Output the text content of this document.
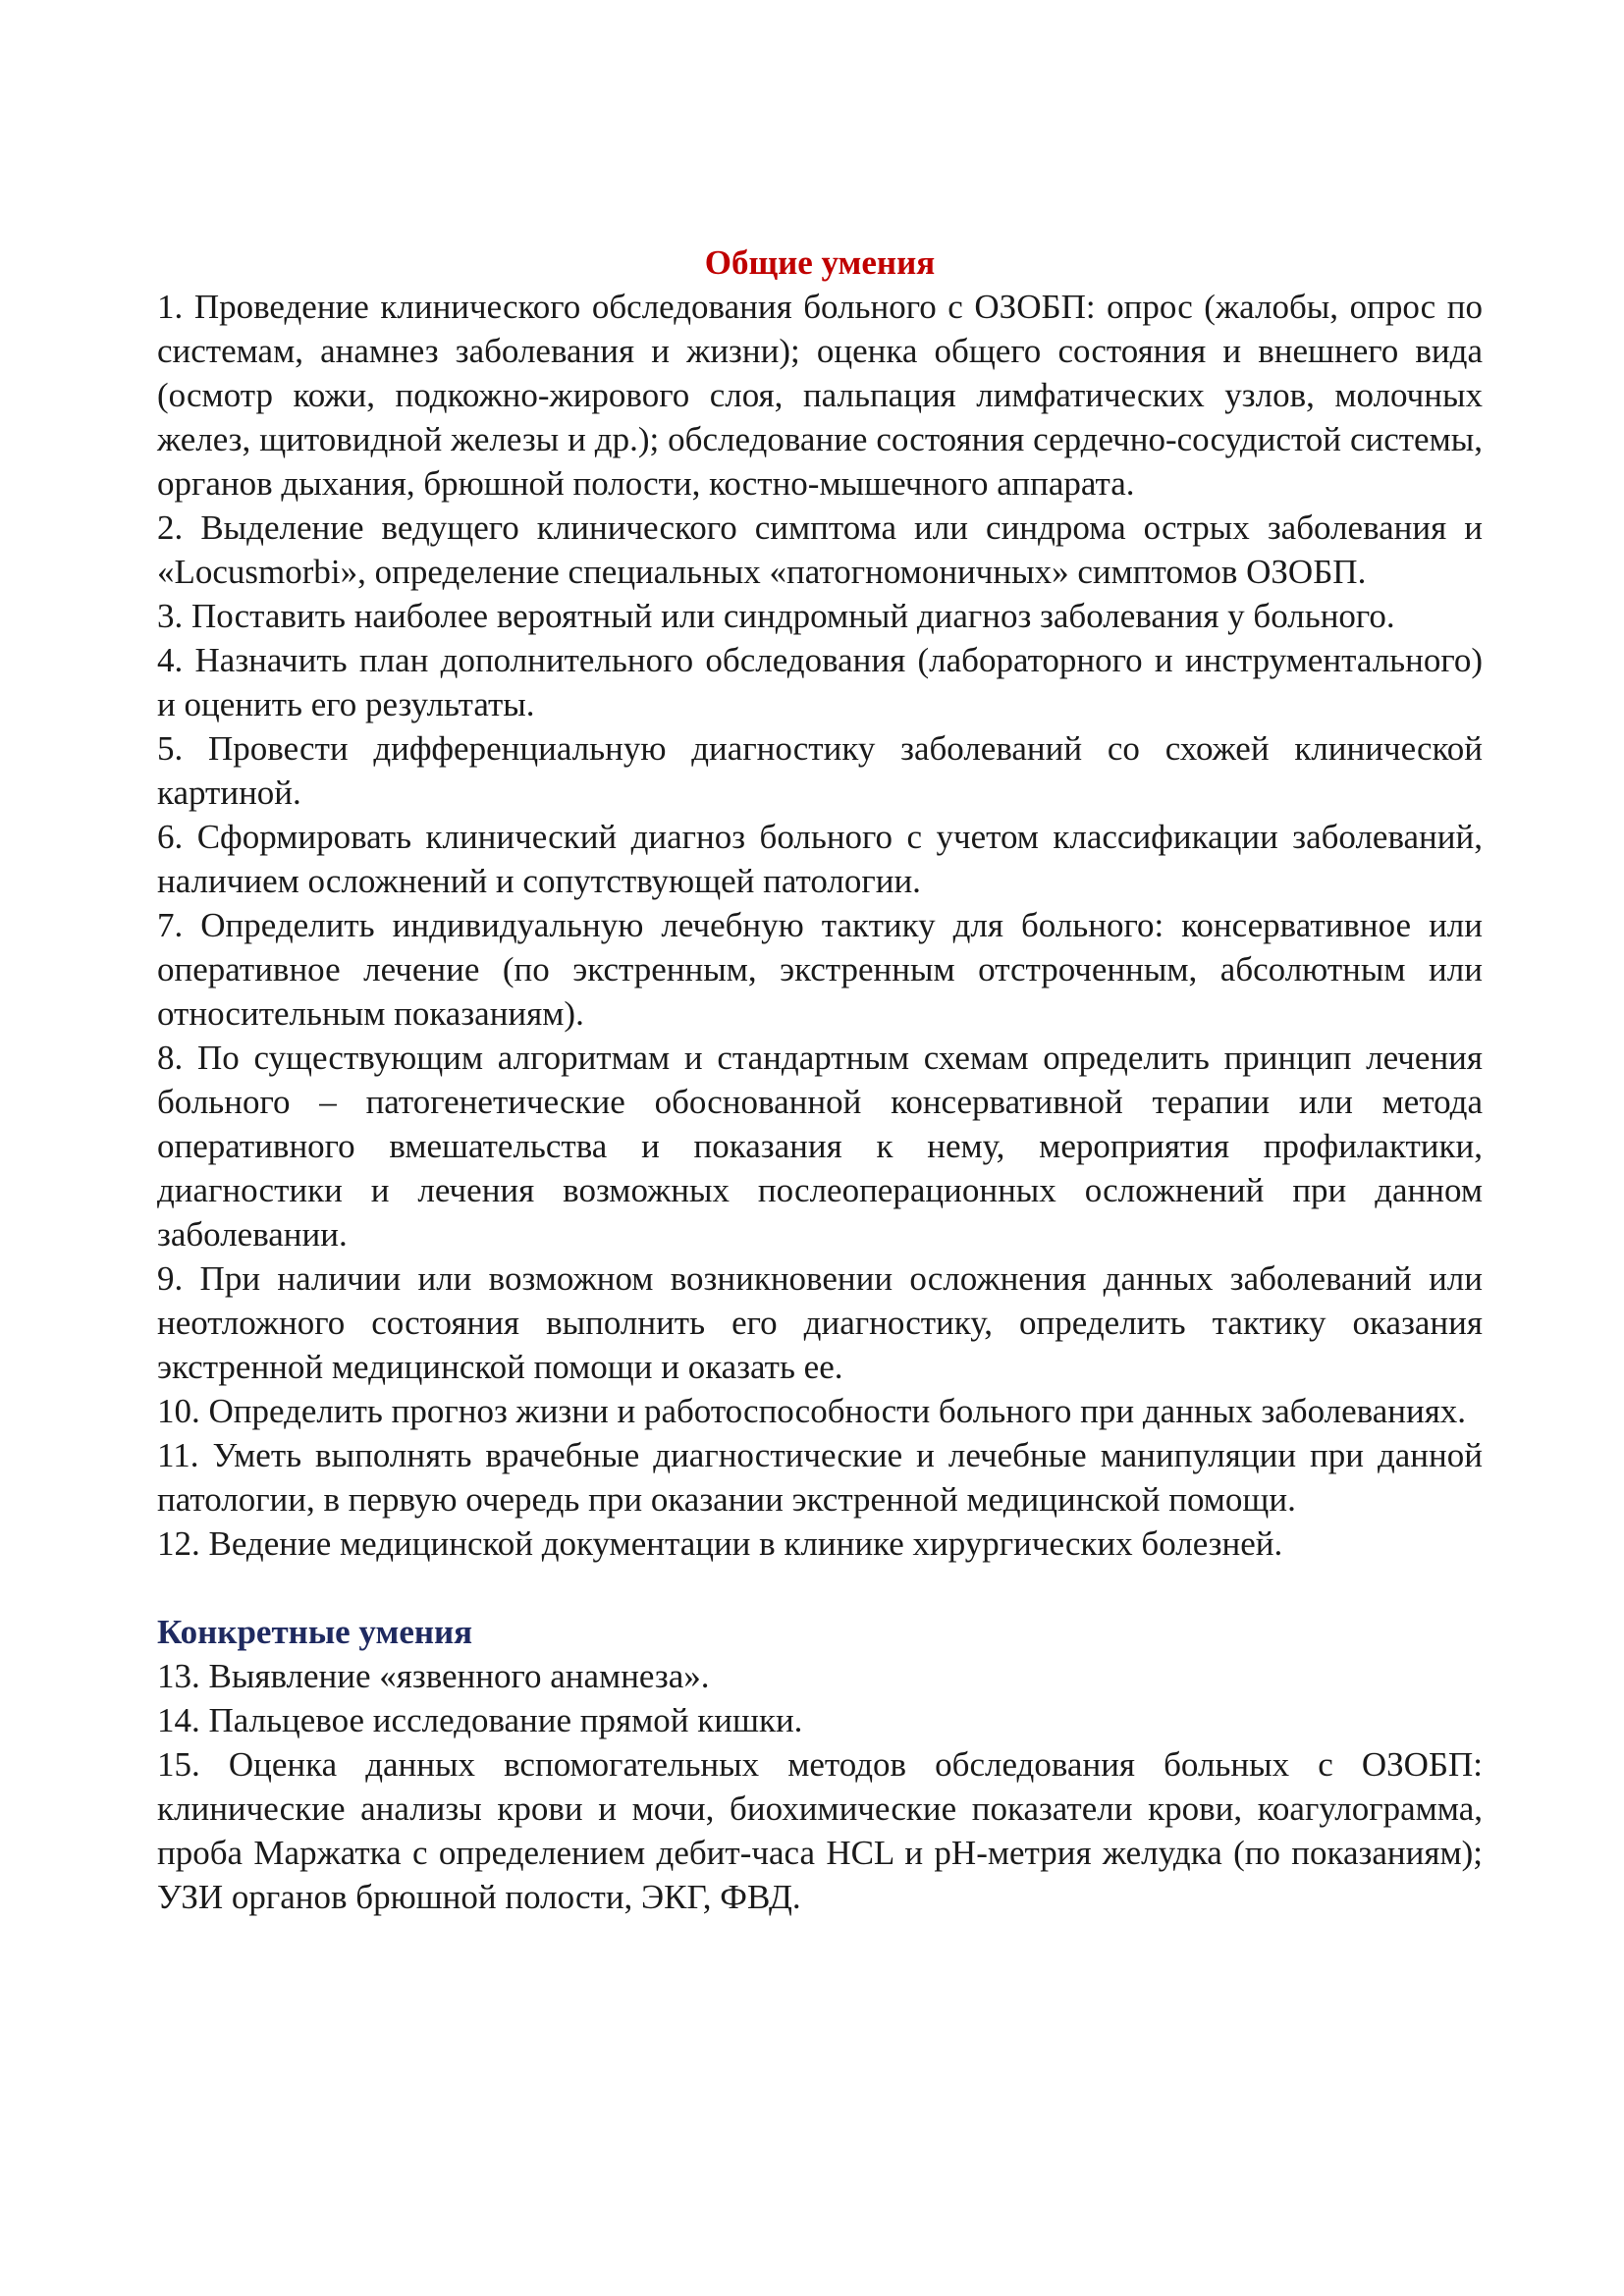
Общие умения

1. Проведение клинического обследования больного с ОЗОБП: опрос (жалобы, опрос по системам, анамнез заболевания и жизни); оценка общего состояния и внешнего вида (осмотр кожи, подкожно-жирового слоя, пальпация лимфатических узлов, молочных желез, щитовидной железы и др.); обследование состояния сердечно-сосудистой системы, органов дыхания, брюшной полости, костно-мышечного аппарата.

2. Выделение ведущего клинического симптома или синдрома острых заболевания и «Locusmorbi», определение специальных «патогномоничных» симптомов ОЗОБП.

3. Поставить наиболее вероятный или синдромный диагноз заболевания у больного.

4. Назначить план дополнительного обследования (лабораторного и инструментального) и оценить его результаты.

5. Провести дифференциальную диагностику заболеваний со схожей клинической картиной.

6. Сформировать клинический диагноз больного с учетом классификации заболеваний, наличием осложнений и сопутствующей патологии.

7. Определить индивидуальную лечебную тактику для больного: консервативное или оперативное лечение (по экстренным, экстренным отстроченным, абсолютным или относительным показаниям).

8. По существующим алгоритмам и стандартным схемам определить принцип лечения больного – патогенетические обоснованной консервативной терапии или метода оперативного вмешательства и показания к нему, мероприятия профилактики, диагностики и лечения возможных послеоперационных осложнений при данном заболевании.

9. При наличии или возможном возникновении осложнения данных заболеваний или неотложного состояния выполнить его диагностику, определить тактику оказания экстренной медицинской помощи и оказать ее.

10. Определить прогноз жизни и работоспособности больного при данных заболеваниях.

11. Уметь выполнять врачебные диагностические и лечебные манипуляции при данной патологии, в первую очередь при оказании экстренной медицинской помощи.

12. Ведение медицинской документации в клинике хирургических болезней.

Конкретные умения

13. Выявление «язвенного анамнеза».

14. Пальцевое исследование прямой кишки.

15. Оценка данных вспомогательных методов обследования больных с ОЗОБП: клинические анализы крови и мочи, биохимические показатели крови, коагулограмма, проба Маржатка с определением дебит-часа HCL и рН-метрия желудка (по показаниям); УЗИ органов брюшной полости, ЭКГ, ФВД.
